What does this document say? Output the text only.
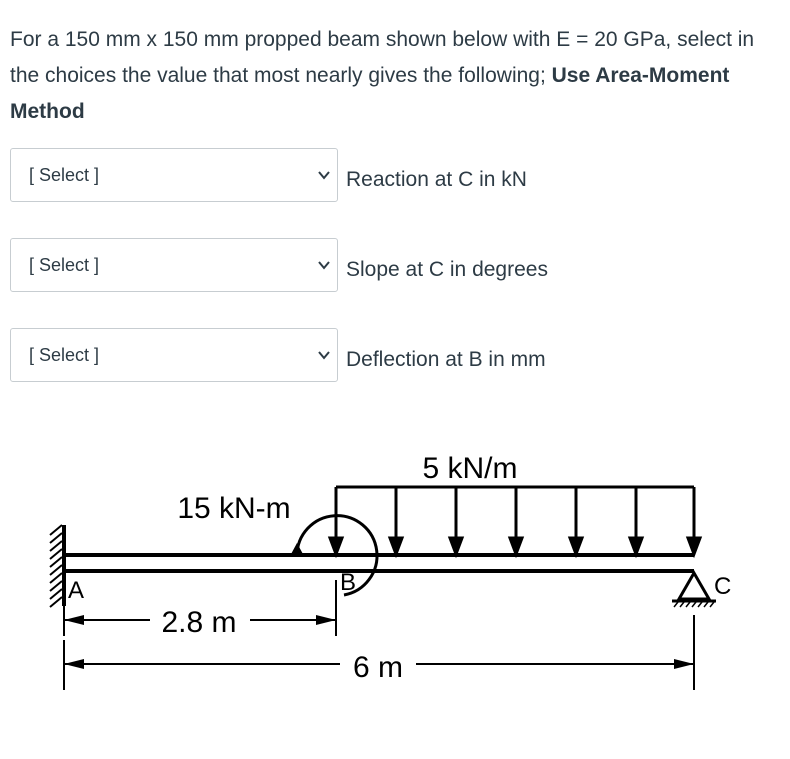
For a 150 mm x 150 mm propped beam shown below with E = 20 GPa, select in the choices the value that most nearly gives the following; Use Area-Moment Method

[ Select ]	Reaction at C in kN
[ Select ]	Slope at C in degrees
[ Select ]	Deflection at B in mm
5 kN/m
15 kN-m
A	B	C
2.8 m
6 m
